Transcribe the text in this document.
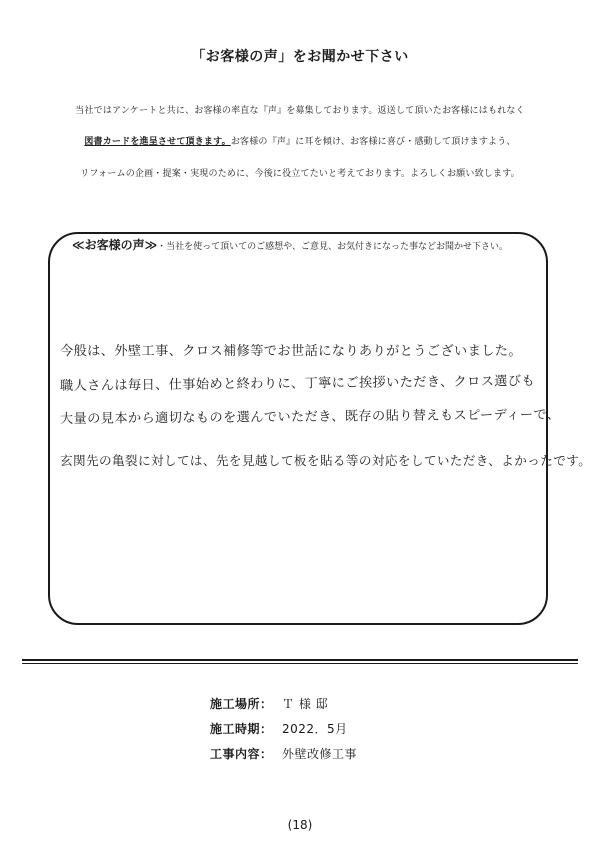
「お客様の声」をお聞かせ下さい
当社ではアンケートと共に、お客様の率直な『声』を募集しております。返送して頂いたお客様にはもれなく
図書カードを進呈させて頂きます。お客様の『声』に耳を傾け、お客様に喜び・感動して頂けますよう、
リフォームの企画・提案・実現のために、今後に役立てたいと考えております。よろしくお願い致します。
≪お客様の声≫・当社を使って頂いてのご感想や、ご意見、お気付きになった事などお聞かせ下さい。
今般は、外壁工事、クロス補修等でお世話になりありがとうございました。
職人さんは毎日、仕事始めと終わりに、丁寧にご挨拶いただき、クロス選びも
大量の見本から適切なものを選んでいただき、既存の貼り替えもスピーディーで、
玄関先の亀裂に対しては、先を見越して板を貼る等の対応をしていただき、よかったです。
施工場所： Ｔ 様 邸
施工時期： 2022．5月
工事内容： 外壁改修工事
(18)
